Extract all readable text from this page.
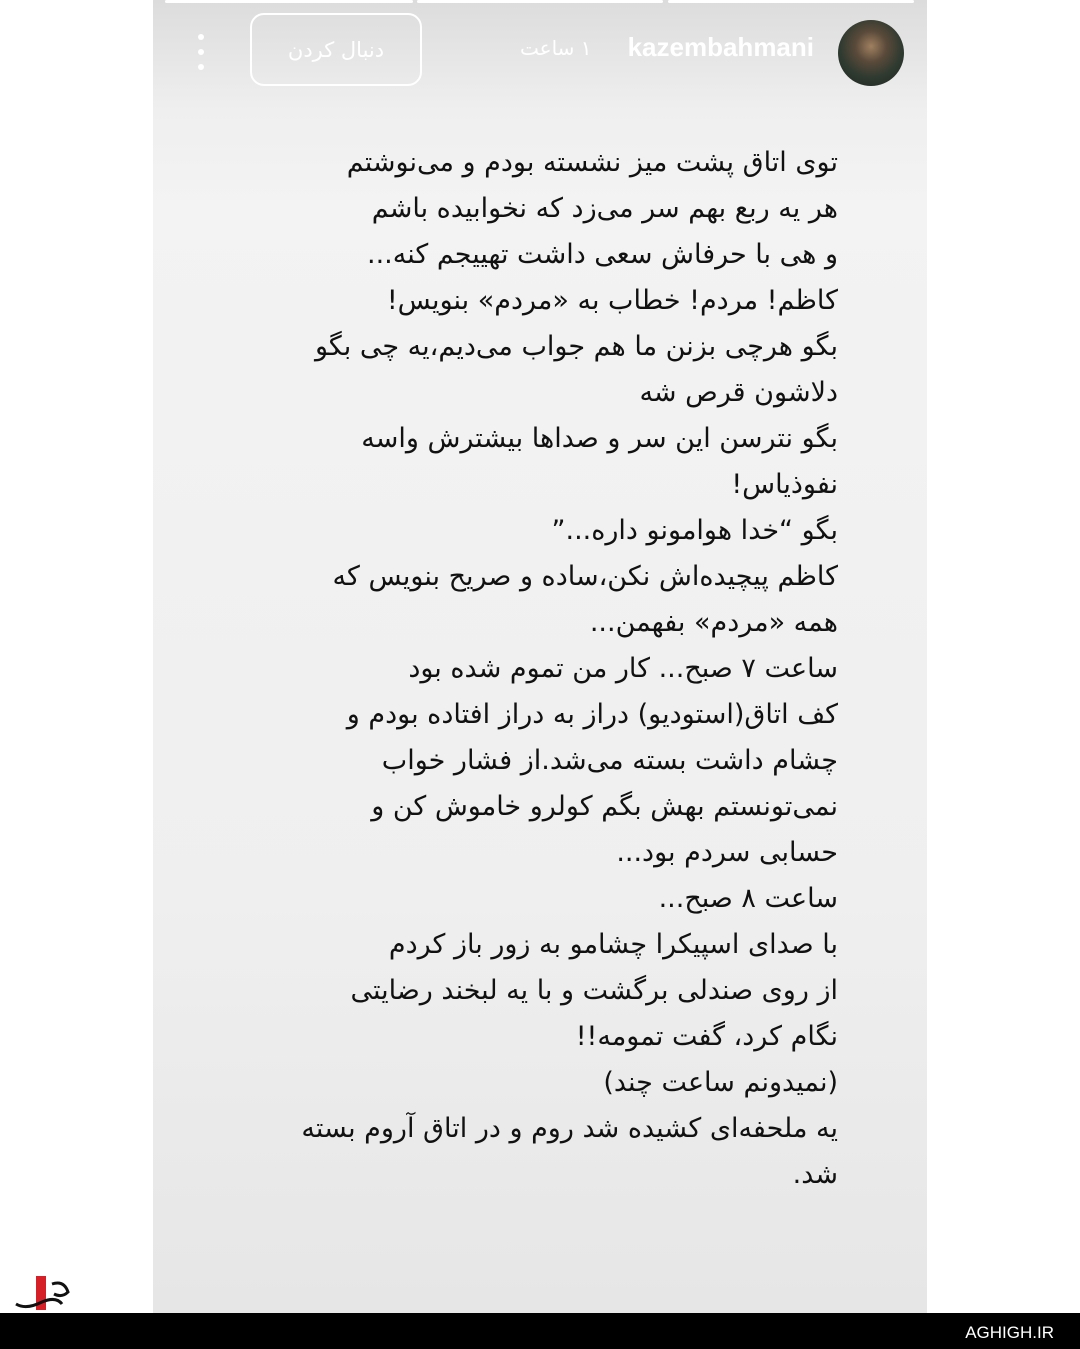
kazembahmani
۱ ساعت
دنبال کردن
توی اتاق پشت میز نشسته بودم و می‌نوشتم
هر یه ربع بهم سر می‌زد که نخوابیده باشم
و هی با حرفاش سعی داشت تهییجم کنه...
کاظم! مردم! خطاب به «مردم» بنویس!
بگو هرچی بزنن ما هم جواب می‌دیم،یه چی بگو
دلاشون قرص شه
بگو نترسن این سر و صداها بیشترش واسه
نفوذیاس!
بگو “خدا هوامونو داره...”
کاظم پیچیده‌اش نکن،ساده و صریح بنویس که
همه «مردم» بفهمن...
ساعت ۷ صبح... کار من تموم شده بود
کف اتاق(استودیو) دراز به دراز افتاده بودم و
چشام داشت بسته می‌شد.از فشار خواب
نمی‌تونستم بهش بگم کولرو خاموش کن و
حسابی سردم بود...
ساعت ۸ صبح...
با صدای اسپیکرا چشامو به زور باز کردم
از روی صندلی برگشت و با یه لبخند رضایتی
نگام کرد، گفت تمومه!!
(نمیدونم ساعت چند)
یه ملحفه‌ای کشیده شد روم و در اتاق آروم بسته
شد.
AGHIGH.IR
